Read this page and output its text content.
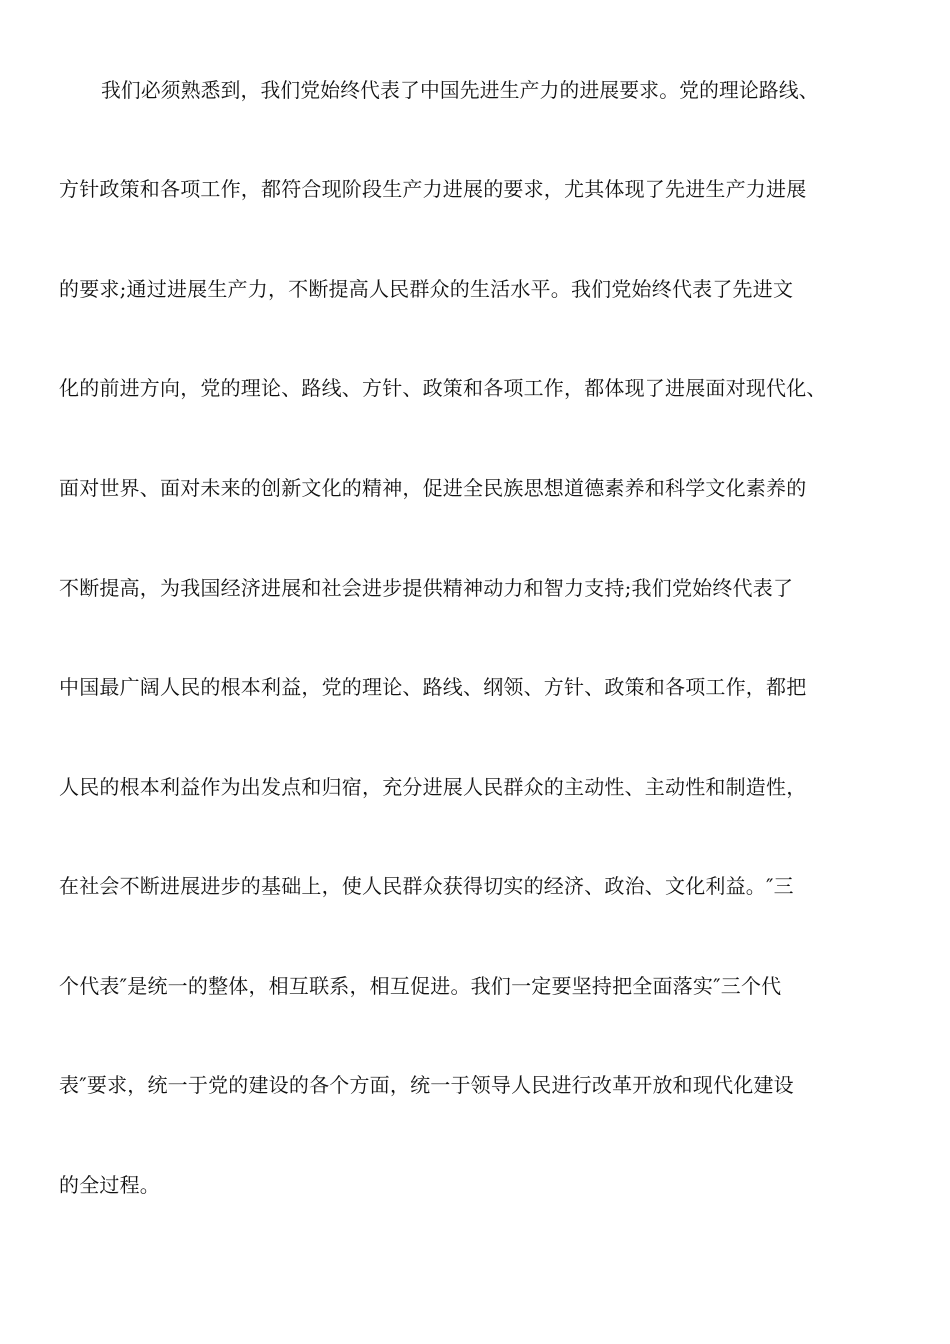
我们必须熟悉到，我们党始终代表了中国先进生产力的进展要求。党的理论路线、

方针政策和各项工作，都符合现阶段生产力进展的要求，尤其体现了先进生产力进展

的要求;通过进展生产力，不断提高人民群众的生活水平。我们党始终代表了先进文

化的前进方向，党的理论、路线、方针、政策和各项工作，都体现了进展面对现代化、

面对世界、面对未来的创新文化的精神，促进全民族思想道德素养和科学文化素养的

不断提高，为我国经济进展和社会进步提供精神动力和智力支持;我们党始终代表了

中国最广阔人民的根本利益，党的理论、路线、纲领、方针、政策和各项工作，都把

人民的根本利益作为出发点和归宿，充分进展人民群众的主动性、主动性和制造性，

在社会不断进展进步的基础上，使人民群众获得切实的经济、政治、文化利益。″三

个代表″是统一的整体，相互联系，相互促进。我们一定要坚持把全面落实″三个代

表″要求，统一于党的建设的各个方面，统一于领导人民进行改革开放和现代化建设

的全过程。
